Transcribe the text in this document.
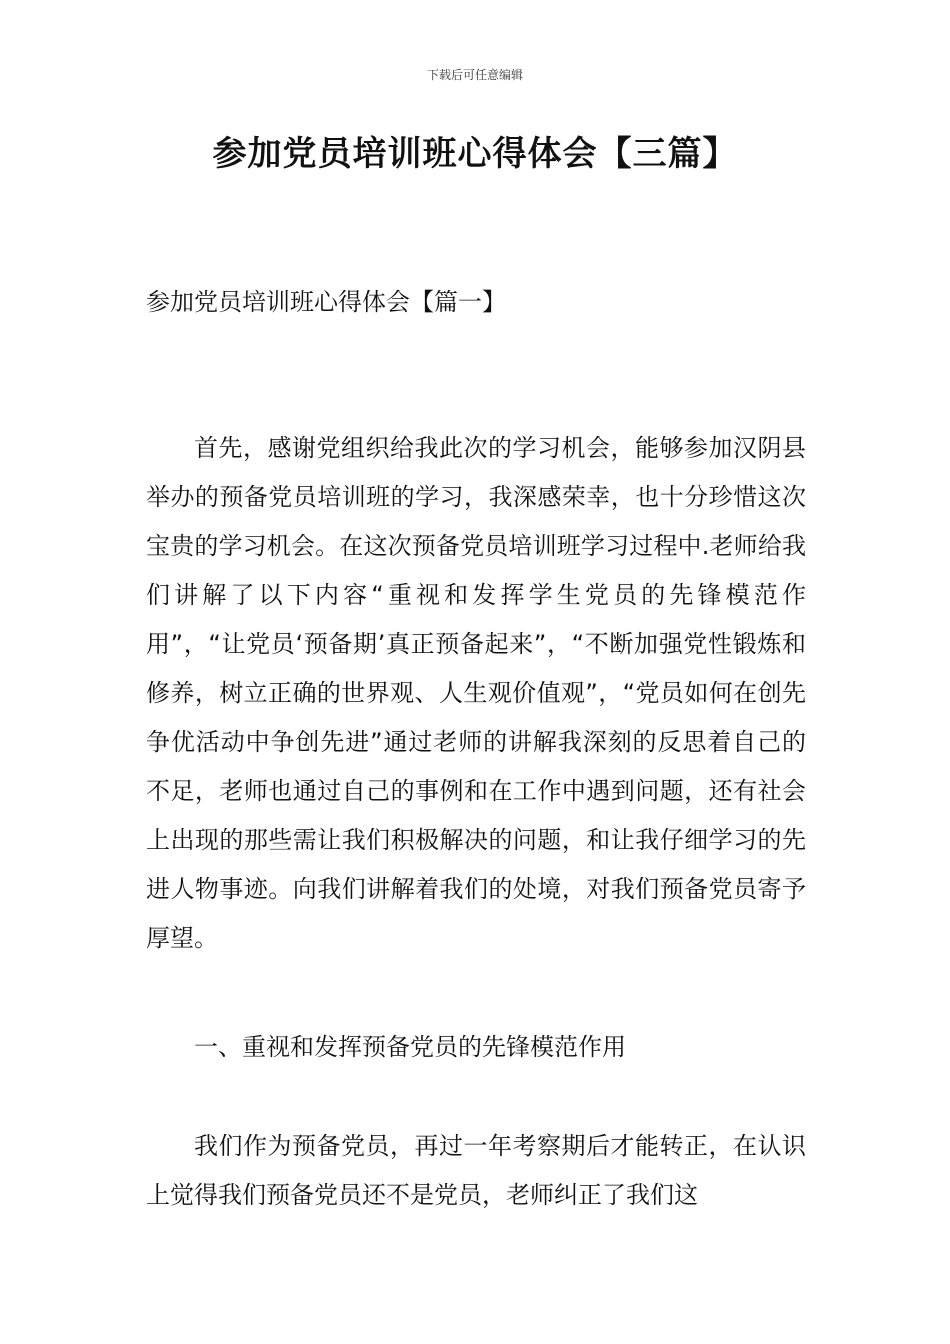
下载后可任意编辑
参加党员培训班心得体会【三篇】
参加党员培训班心得体会【篇一】

首先，感谢党组织给我此次的学习机会，能够参加汉阴县举办的预备党员培训班的学习，我深感荣幸，也十分珍惜这次宝贵的学习机会。在这次预备党员培训班学习过程中.老师给我们讲解了以下内容“重视和发挥学生党员的先锋模范作用”，“让党员‘预备期’真正预备起来”，“不断加强党性锻炼和修养，树立正确的世界观、人生观价值观”，“党员如何在创先争优活动中争创先进”通过老师的讲解我深刻的反思着自己的不足，老师也通过自己的事例和在工作中遇到问题，还有社会上出现的那些需让我们积极解决的问题，和让我仔细学习的先进人物事迹。向我们讲解着我们的处境，对我们预备党员寄予厚望。

一、重视和发挥预备党员的先锋模范作用

我们作为预备党员，再过一年考察期后才能转正，在认识上觉得我们预备党员还不是党员，老师纠正了我们这
